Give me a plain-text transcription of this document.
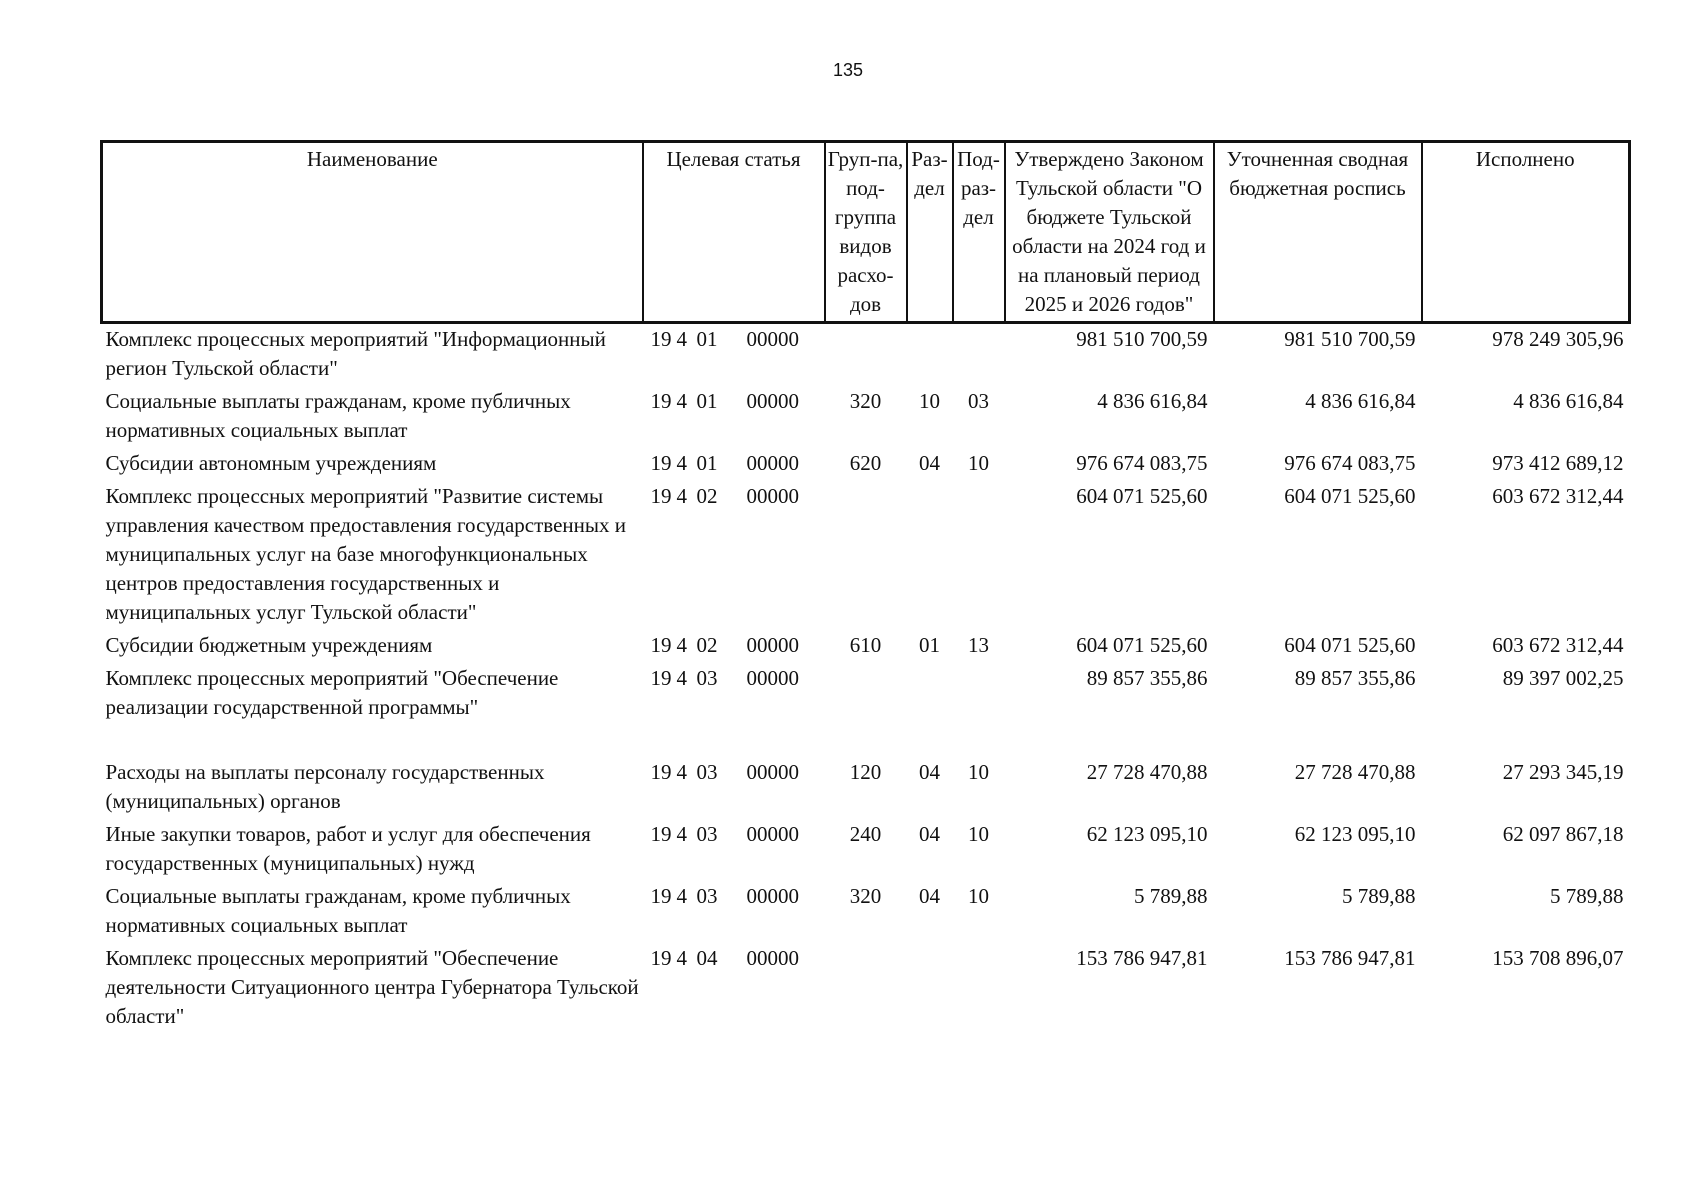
135
Наименование	Целевая статья	Груп-па, под-группа видов расхо-дов	Раз-дел	Под-раз-дел	Утверждено Законом Тульской области "О бюджете Тульской области на 2024 год и на плановый период 2025 и 2026 годов"	Уточненная сводная бюджетная роспись	Исполнено
Комплекс процессных мероприятий "Информационный регион Тульской области"	19 4 01 00000				981 510 700,59	981 510 700,59	978 249 305,96
Социальные выплаты гражданам, кроме публичных нормативных социальных выплат	19 4 01 00000	320	10	03	4 836 616,84	4 836 616,84	4 836 616,84
Субсидии автономным учреждениям	19 4 01 00000	620	04	10	976 674 083,75	976 674 083,75	973 412 689,12
Комплекс процессных мероприятий "Развитие системы управления качеством предоставления государственных и муниципальных услуг на базе многофункциональных центров предоставления государственных и муниципальных услуг Тульской области"	19 4 02 00000				604 071 525,60	604 071 525,60	603 672 312,44
Субсидии бюджетным учреждениям	19 4 02 00000	610	01	13	604 071 525,60	604 071 525,60	603 672 312,44
Комплекс процессных мероприятий "Обеспечение реализации государственной программы"	19 4 03 00000				89 857 355,86	89 857 355,86	89 397 002,25

Расходы на выплаты персоналу государственных (муниципальных) органов	19 4 03 00000	120	04	10	27 728 470,88	27 728 470,88	27 293 345,19
Иные закупки товаров, работ и услуг для обеспечения государственных (муниципальных) нужд	19 4 03 00000	240	04	10	62 123 095,10	62 123 095,10	62 097 867,18
Социальные выплаты гражданам, кроме публичных нормативных социальных выплат	19 4 03 00000	320	04	10	5 789,88	5 789,88	5 789,88
Комплекс процессных мероприятий "Обеспечение деятельности Ситуационного центра Губернатора Тульской области"	19 4 04 00000				153 786 947,81	153 786 947,81	153 708 896,07
